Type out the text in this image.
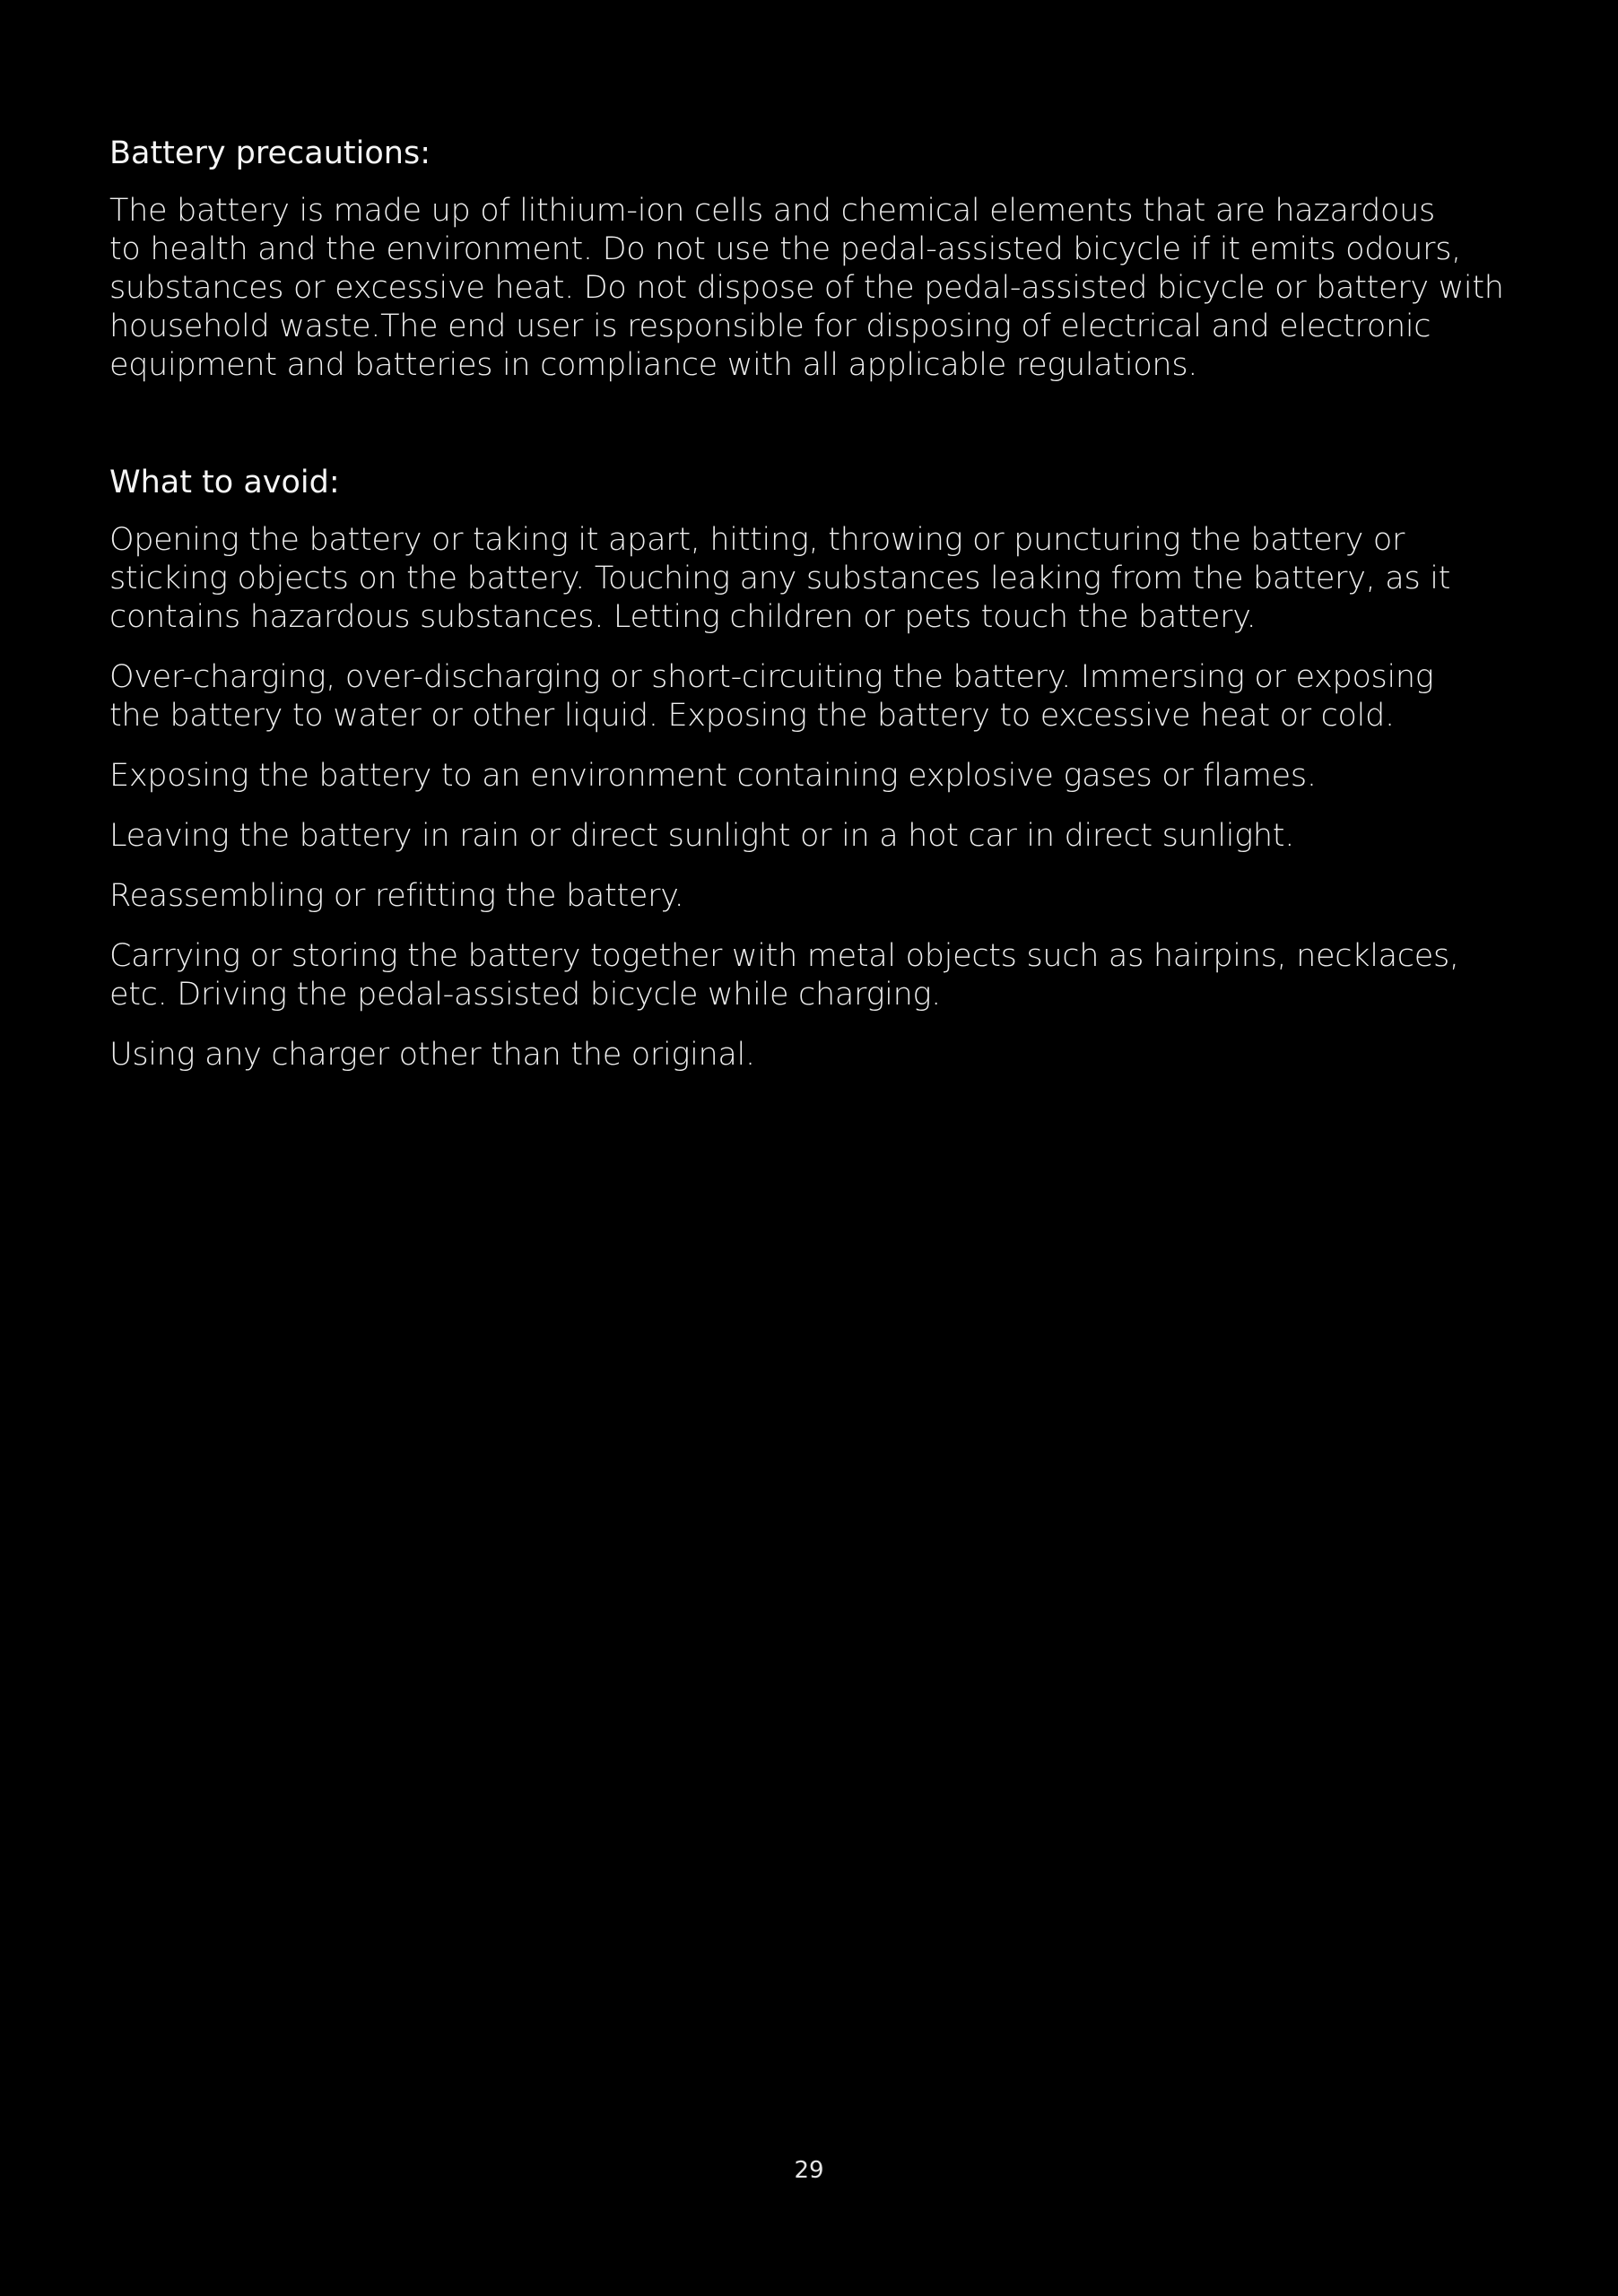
Battery precautions:
The battery is made up of lithium-ion cells and chemical elements that are hazardous
to health and the environment. Do not use the pedal-assisted bicycle if it emits odours,
substances or excessive heat. Do not dispose of the pedal-assisted bicycle or battery with
household waste.The end user is responsible for disposing of electrical and electronic
equipment and batteries in compliance with all applicable regulations.
What to avoid:
Opening the battery or taking it apart, hitting, throwing or puncturing the battery or
sticking objects on the battery. Touching any substances leaking from the battery, as it
contains hazardous substances. Letting children or pets touch the battery.
Over-charging, over-discharging or short-circuiting the battery. Immersing or exposing
the battery to water or other liquid. Exposing the battery to excessive heat or cold.
Exposing the battery to an environment containing explosive gases or flames.
Leaving the battery in rain or direct sunlight or in a hot car in direct sunlight.
Reassembling or refitting the battery.
Carrying or storing the battery together with metal objects such as hairpins, necklaces,
etc. Driving the pedal-assisted bicycle while charging.
Using any charger other than the original.
29
